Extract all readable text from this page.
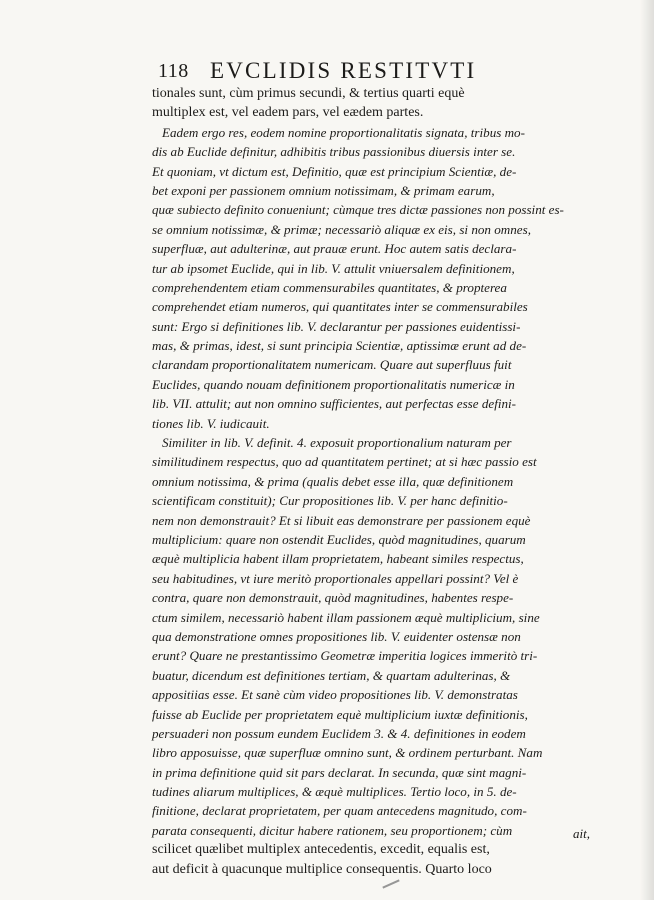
118 EVCLIDIS RESTITVTI
tionales sunt, cùm primus secundi, & tertius quarti equè
multiplex est, vel eadem pars, vel eædem partes.
Eadem ergo res, eodem nomine proportionalitatis signata, tribus mo-
dis ab Euclide definitur, adhibitis tribus passionibus diuersis inter se.
Et quoniam, vt dictum est, Definitio, quæ est principium Scientiæ, de-
bet exponi per passionem omnium notissimam, & primam earum,
quæ subiecto definito conueniunt; cùmque tres dictæ passiones non possint es-
se omnium notissimæ, & primæ; necessariò aliquæ ex eis, si non omnes,
superfluæ, aut adulterinæ, aut prauæ erunt. Hoc autem satis declara-
tur ab ipsomet Euclide, qui in lib. V. attulit vniuersalem definitionem,
comprehendentem etiam commensurabiles quantitates, & propterea
comprehendet etiam numeros, qui quantitates inter se commensurabiles
sunt: Ergo si definitiones lib. V. declarantur per passiones euidentissi-
mas, & primas, idest, si sunt principia Scientiæ, aptissimæ erunt ad de-
clarandam proportionalitatem numericam. Quare aut superfluus fuit
Euclides, quando nouam definitionem proportionalitatis numericæ in
lib. VII. attulit; aut non omnino sufficientes, aut perfectas esse defini-
tiones lib. V. iudicauit.
Similiter in lib. V. definit. 4. exposuit proportionalium naturam per
similitudinem respectus, quo ad quantitatem pertinet; at si hæc passio est
omnium notissima, & prima (qualis debet esse illa, quæ definitionem
scientificam constituit); Cur propositiones lib. V. per hanc definitio-
nem non demonstrauit? Et si libuit eas demonstrare per passionem equè
multiplicium: quare non ostendit Euclides, quòd magnitudines, quarum
æquè multiplicia habent illam proprietatem, habeant similes respectus,
seu habitudines, vt iure meritò proportionales appellari possint? Vel è
contra, quare non demonstrauit, quòd magnitudines, habentes respe-
ctum similem, necessariò habent illam passionem æquè multiplicium, sine
qua demonstratione omnes propositiones lib. V. euidenter ostensæ non
erunt? Quare ne prestantissimo Geometræ imperitia logices immeritò tri-
buatur, dicendum est definitiones tertiam, & quartam adulterinas, &
appositiias esse. Et sanè cùm video propositiones lib. V. demonstratas
fuisse ab Euclide per proprietatem equè multiplicium iuxtæ definitionis,
persuaderi non possum eundem Euclidem 3. & 4. definitiones in eodem
libro apposuisse, quæ superfluæ omnino sunt, & ordinem perturbant. Nam
in prima definitione quid sit pars declarat. In secunda, quæ sint magni-
tudines aliarum multiplices, & æquè multiplices. Tertio loco, in 5. de-
finitione, declarat proprietatem, per quam antecedens magnitudo, com-
parata consequenti, dicitur habere rationem, seu proportionem; cùm
scilicet quælibet multiplex antecedentis, excedit, equalis est,
aut deficit à quacunque multiplice consequentis. Quarto loco
ait,
